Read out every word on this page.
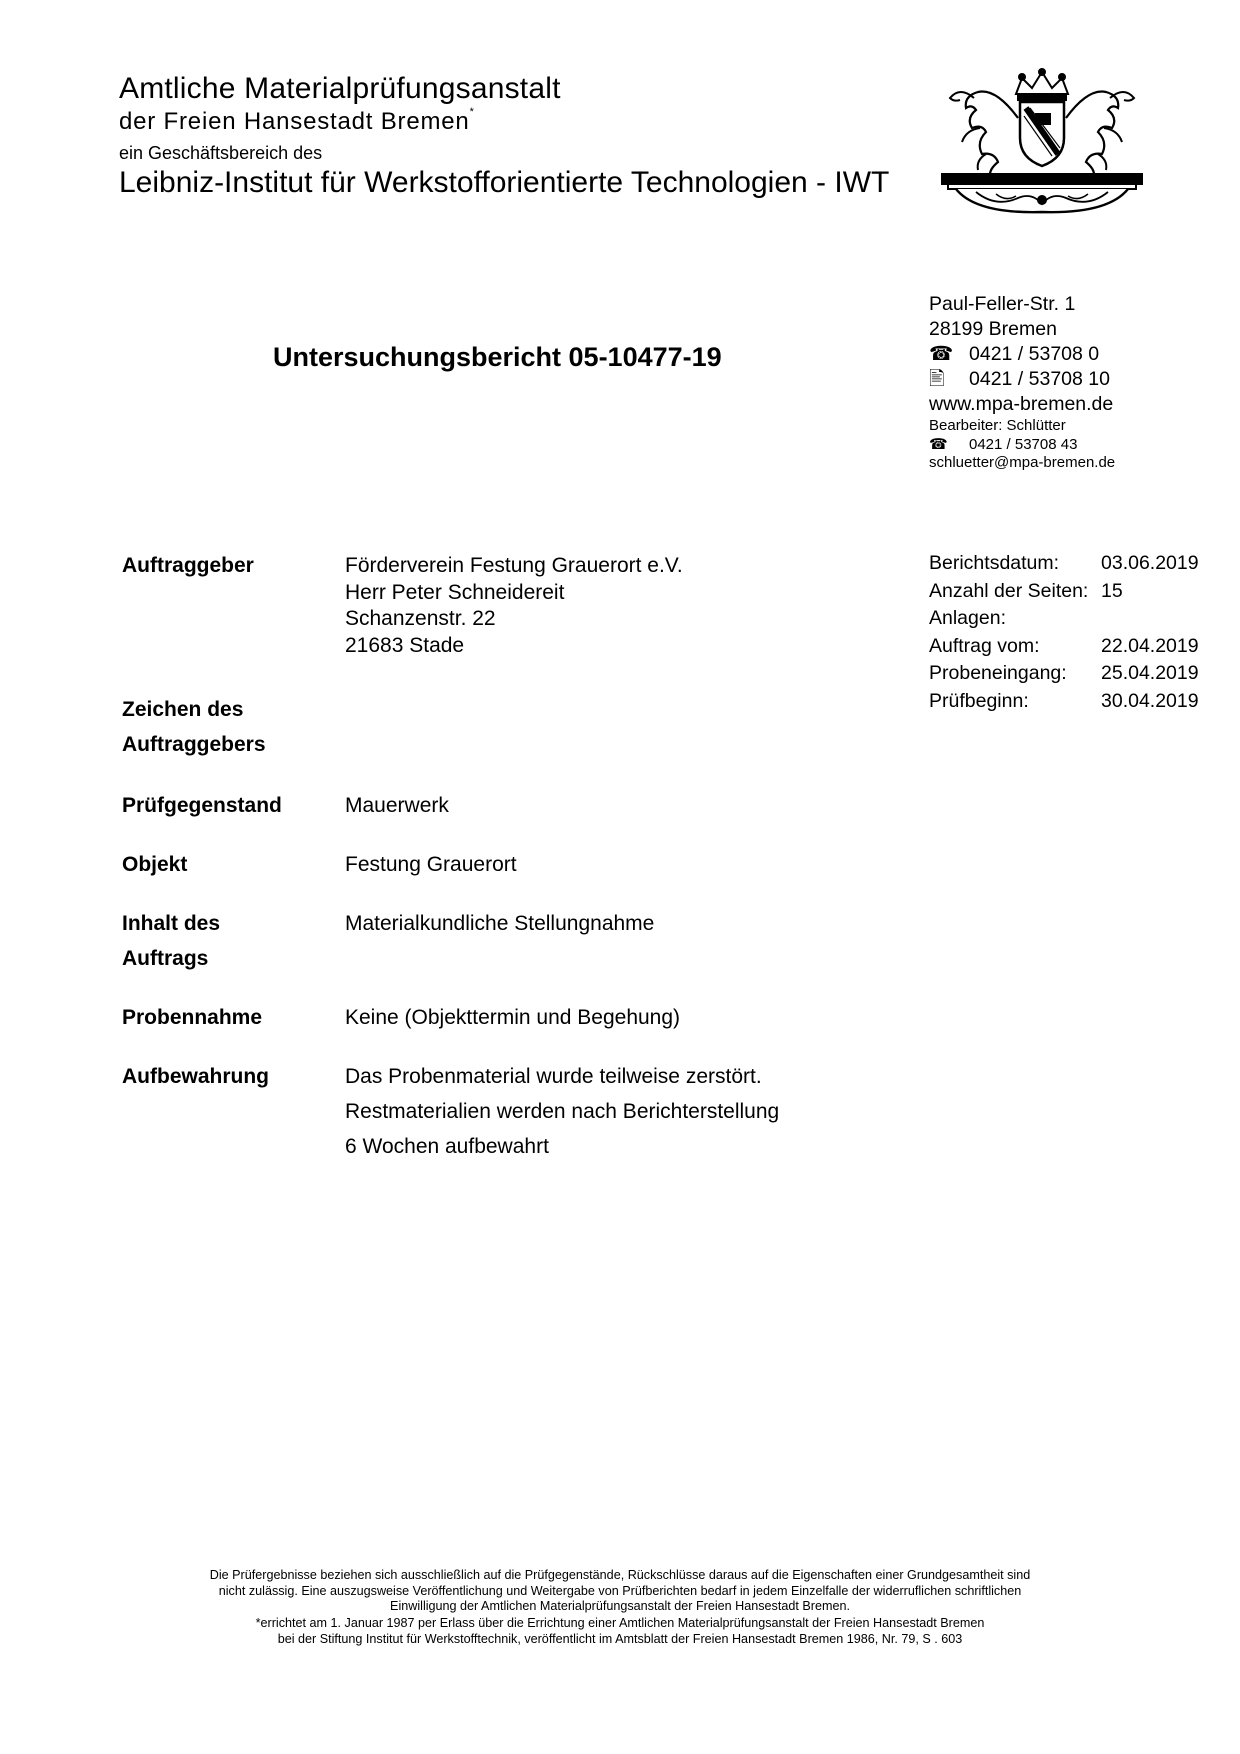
Amtliche Materialprüfungsanstalt
der Freien Hansestadt Bremen*
ein Geschäftsbereich des
Leibniz-Institut für Werkstofforientierte Technologien - IWT
Paul-Feller-Str. 1
28199 Bremen
☎ 0421 / 53708 0
🖹 0421 / 53708 10
www.mpa-bremen.de
Bearbeiter: Schlütter
☎ 0421 / 53708 43
schluetter@mpa-bremen.de
Untersuchungsbericht 05-10477-19
Auftraggeber	Förderverein Festung Grauerort e.V.
Herr Peter Schneidereit
Schanzenstr. 22
21683 Stade
Berichtsdatum: 03.06.2019
Anzahl der Seiten: 15
Anlagen:
Auftrag vom:	22.04.2019
Probeneingang: 25.04.2019
Prüfbeginn:	30.04.2019
Zeichen des
Auftraggebers
Prüfgegenstand	Mauerwerk
Objekt	Festung Grauerort
Inhalt des
Auftrags
Materialkundliche Stellungnahme
Probennahme	Keine (Objekttermin und Begehung)
Aufbewahrung	Das Probenmaterial wurde teilweise zerstört.
Restmaterialien werden nach Berichterstellung
6 Wochen aufbewahrt
Die Prüfergebnisse beziehen sich ausschließlich auf die Prüfgegenstände, Rückschlüsse daraus auf die Eigenschaften einer Grundgesamtheit sind
nicht zulässig. Eine auszugsweise Veröffentlichung und Weitergabe von Prüfberichten bedarf in jedem Einzelfalle der widerruflichen schriftlichen
Einwilligung der Amtlichen Materialprüfungsanstalt der Freien Hansestadt Bremen.
*errichtet am 1. Januar 1987 per Erlass über die Errichtung einer Amtlichen Materialprüfungsanstalt der Freien Hansestadt Bremen
bei der Stiftung Institut für Werkstofftechnik, veröffentlicht im Amtsblatt der Freien Hansestadt Bremen 1986, Nr. 79, S . 603
